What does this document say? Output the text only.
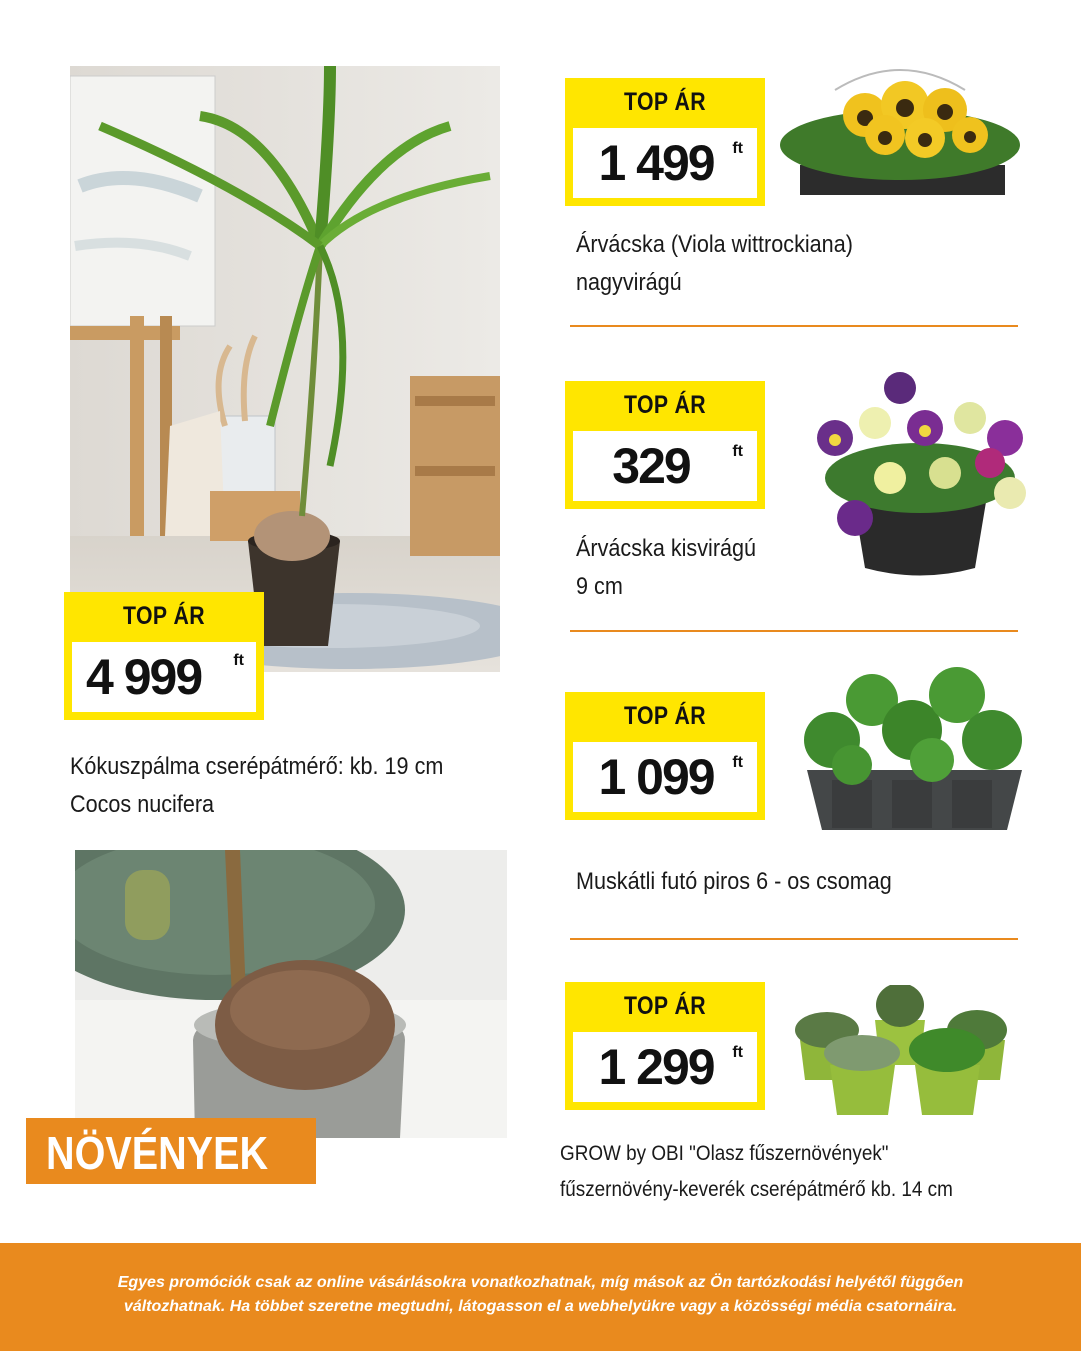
TOP ÁR
4 999	ft
Kókuszpálma cserépátmérő: kb. 19 cm
Cocos nucifera
NÖVÉNYEK
TOP ÁR
1 499	ft
Árvácska (Viola wittrockiana)
nagyvirágú
TOP ÁR
329	ft
Árvácska kisvirágú
9 cm
TOP ÁR
1 099	ft
Muskátli futó piros 6 - os csomag
TOP ÁR
1 299	ft
GROW by OBI "Olasz fűszernövények"
fűszernövény-keverék cserépátmérő kb. 14 cm

Egyes promóciók csak az online vásárlásokra vonatkozhatnak, míg mások az Ön tartózkodási helyétől függően
változhatnak. Ha többet szeretne megtudni, látogasson el a webhelyükre vagy a közösségi média csatornáira.
